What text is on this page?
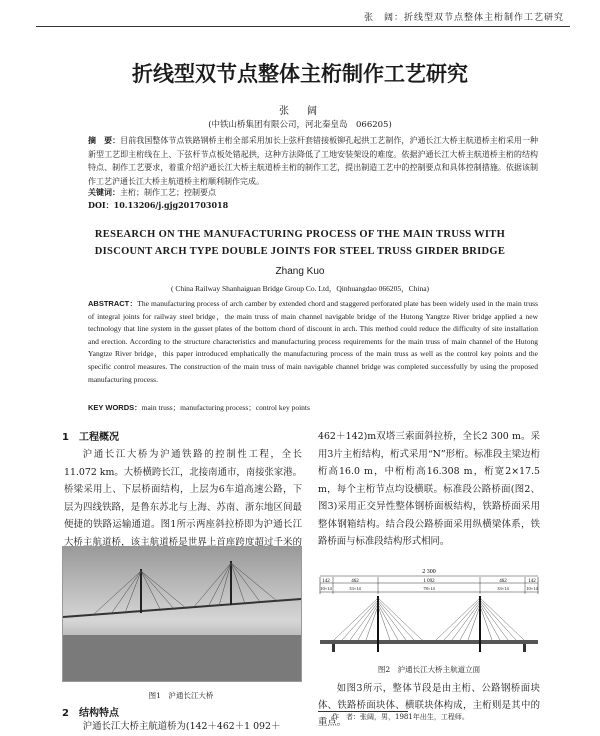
张　阔：折线型双节点整体主桁制作工艺研究
折线型双节点整体主桁制作工艺研究
张　阔
(中铁山桥集团有限公司，河北秦皇岛　066205)
摘　要：目前我国整体节点铁路钢桥主桁全部采用加长上弦杆套错接板铆孔起拱工艺制作，沪通长江大桥主航道桥主桁采用一种新型工艺即主桁线在上、下弦杆节点板处错起拱，这种方法降低了工地安装架设的难度。依据沪通长江大桥主航道桥主桁的结构特点、制作工艺要求，着重介绍沪通长江大桥主航道桥主桁的制作工艺，提出制造工艺中的控制要点和具体控制措施。依据该制作工艺沪通长江大桥主航道桥主桁顺利制作完成。
关键词：主桁；制作工艺；控制要点
DOI：10.13206/j.gjg201703018
RESEARCH ON THE MANUFACTURING PROCESS OF THE MAIN TRUSS WITH
DISCOUNT ARCH TYPE DOUBLE JOINTS FOR STEEL TRUSS GIRDER BRIDGE
Zhang Kuo
( China Railway Shanhaiguan Bridge Group Co. Ltd，Qinhuangdao 066205，China)
ABSTRACT：The manufacturing process of arch camber by extended chord and staggered perforated plate has been widely used in the main truss of integral joints for railway steel bridge，the main truss of main channel navigable bridge of the Hutong Yangtze River bridge applied a new technology that line system in the gusset plates of the bottom chord of discount in arch. This method could reduce the difficulty of site installation and erection. According to the structure characteristics and manufacturing process requirements for the main truss of main channel of the Hutong Yangtze River bridge，this paper introduced emphatically the manufacturing process of the main truss as well as the control key points and the specific control measures. The construction of the main truss of main navigable channel bridge was completed successfully by using the proposed manufacturing process.
KEY WORDS：main truss；manufacturing process；control key points
1　工程概况
沪通长江大桥为沪通铁路的控制性工程，全长11.072 km。大桥横跨长江，北接南通市，南接张家港。桥梁采用上、下层桥面结构，上层为6车道高速公路，下层为四线铁路，是鲁东苏北与上海、苏南、浙东地区间最便捷的铁路运输通道。图1所示两座斜拉桥即为沪通长江大桥主航道桥，该主航道桥是世界上首座跨度超过千米的
图1　沪通长江大桥
2　结构特点
沪通长江大桥主航道桥为(142＋462＋1 092＋

462＋142)m双塔三索面斜拉桥，全长2 300 m。采用3片主桁结构，桁式采用“N”形桁。标准段主梁边桁桁高16.0 m，中桁桁高16.308 m，桁宽2×17.5 m，每个主桁节点均设横联。标准段公路桥面(图2、图3)采用正交异性整体钢桥面板结构，铁路桥面采用整体钢箱结构。结合段公路桥面采用纵横梁体系，铁路桥面与标准段结构形式相同。

2 300
142	462	1 092	462	142
10×14	33×14	78×14	33×14	10×14
图2　沪通长江大桥主航道立面
如图3所示，整体节段是由主桁、公路钢桥面块体、铁路桥面块体、横联块体构成，主桁则是其中的重点。
作　者：张阔，男，1981年出生，工程师。
